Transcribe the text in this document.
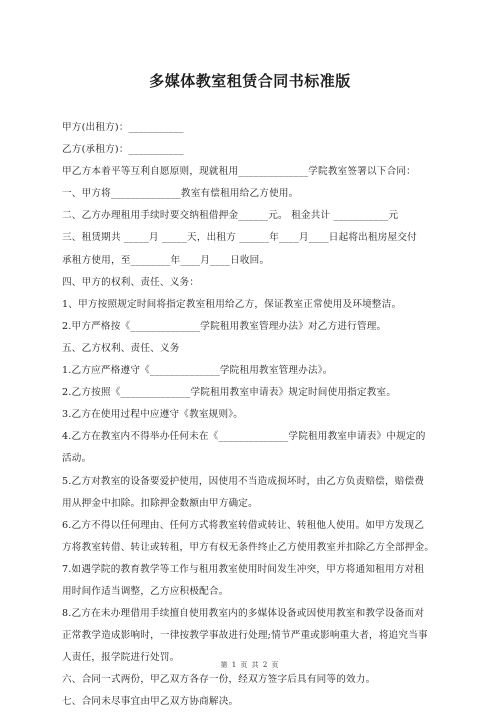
多媒体教室租赁合同书标准版
甲方(出租方)：___________
乙方(承租方)：___________
甲乙方本着平等互利自愿原则，现就租用______________学院教室签署以下合同：
一、甲方将______________教室有偿租用给乙方使用。
二、乙方办理租用手续时要交纳租借押金______元。 租金共计 ___________元
三、租赁期共 _____月 _____天，出租方 ______年____月____日起将出租房屋交付
承租方使用，至________年____月____日收回。
四、甲方的权利、责任、义务：
1、甲方按照规定时间将指定教室租用给乙方，保证教室正常使用及环境整洁。
2.甲方严格按《______________学院租用教室管理办法》对乙方进行管理。
五、乙方权利、责任、义务
1.乙方应严格遵守《______________学院租用教室管理办法》。
2.乙方按照《______________学院租用教室申请表》规定时间使用指定教室。
3.乙方在使用过程中应遵守《教室规则》。
4.乙方在教室内不得举办任何未在《______________学院租用教室申请表》中规定的
活动。
5.乙方对教室的设备要爱护使用，因使用不当造成损坏时，由乙方负责赔偿，赔偿费
用从押金中扣除。扣除押金数额由甲方确定。
6.乙方不得以任何理由、任何方式将教室转借或转让、转租他人使用。如甲方发现乙
方将教室转借、转让或转租，甲方有权无条件终止乙方使用教室并扣除乙方全部押金。
7.如遇学院的教育教学等工作与租用教室使用时间发生冲突，甲方将通知租用方对租
用时间作适当调整，乙方应积极配合。
8.乙方在未办理借用手续擅自使用教室内的多媒体设备或因使用教室和教学设备而对
正常教学造成影响时，一律按教学事故进行处理;情节严重或影响重大者，将追究当事
人责任，报学院进行处罚。
六、合同一式两份，甲乙双方各存一份，经双方签字后具有同等的效力。
七、合同未尽事宜由甲乙双方协商解决。
第 1 页 共 2 页
